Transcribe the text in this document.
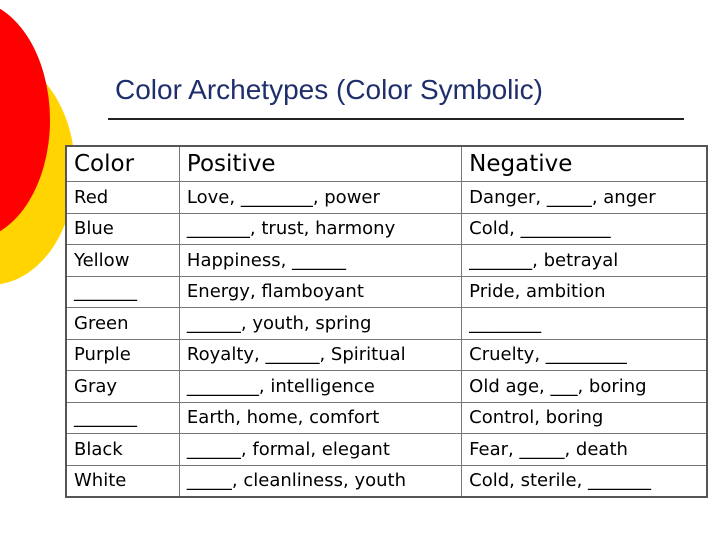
Color Archetypes (Color Symbolic)
Color	Positive	Negative
Red	Love, ________, power	Danger, _____, anger
Blue	_______, trust, harmony	Cold, __________
Yellow	Happiness, ______	_______, betrayal
_______	Energy, flamboyant	Pride, ambition
Green	______, youth, spring	________
Purple	Royalty, ______, Spiritual	Cruelty, _________
Gray	________, intelligence	Old age, ___, boring
_______	Earth, home, comfort	Control, boring
Black	______, formal, elegant	Fear, _____, death
White	_____, cleanliness, youth	Cold, sterile, _______
